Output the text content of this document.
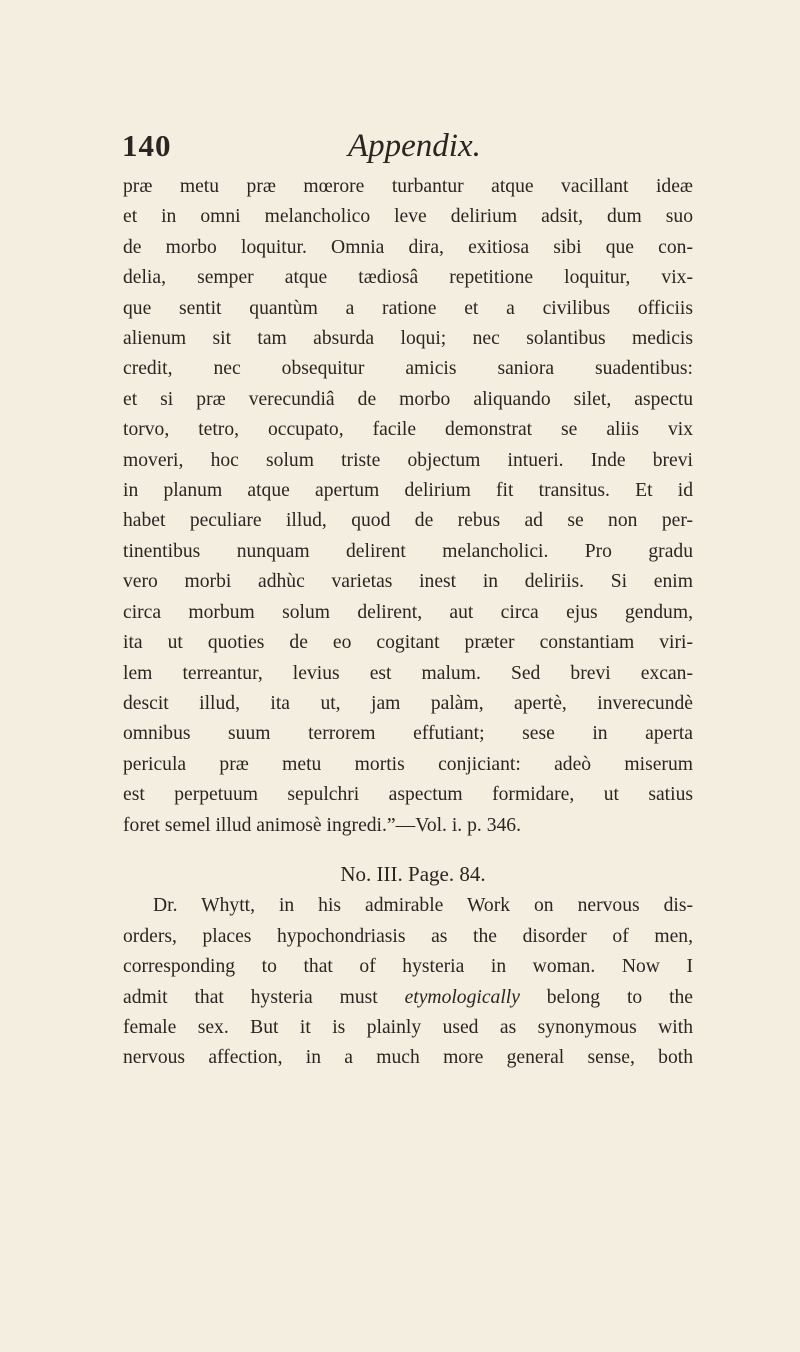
140	Appendix.
præ metu præ mœrore turbantur atque vacillant ideæ
et in omni melancholico leve delirium adsit, dum suo
de morbo loquitur. Omnia dira, exitiosa sibi que con-
delia, semper atque tædiosâ repetitione loquitur, vix-
que sentit quantùm a ratione et a civilibus officiis
alienum sit tam absurda loqui; nec solantibus medicis
credit, nec obsequitur amicis saniora suadentibus:
et si præ verecundiâ de morbo aliquando silet, aspectu
torvo, tetro, occupato, facile demonstrat se aliis vix
moveri, hoc solum triste objectum intueri. Inde brevi
in planum atque apertum delirium fit transitus. Et id
habet peculiare illud, quod de rebus ad se non per-
tinentibus nunquam delirent melancholici. Pro gradu
vero morbi adhùc varietas inest in deliriis. Si enim
circa morbum solum delirent, aut circa ejus gendum,
ita ut quoties de eo cogitant præter constantiam viri-
lem terreantur, levius est malum. Sed brevi excan-
descit illud, ita ut, jam palàm, apertè, inverecundè
omnibus suum terrorem effutiant; sese in aperta
pericula præ metu mortis conjiciant: adeò miserum
est perpetuum sepulchri aspectum formidare, ut satius
foret semel illud animosè ingredi.”—Vol. i. p. 346.
No. III. Page. 84.
Dr. Whytt, in his admirable Work on nervous dis-
orders, places hypochondriasis as the disorder of men,
corresponding to that of hysteria in woman. Now I
admit that hysteria must etymologically belong to the
female sex. But it is plainly used as synonymous with
nervous affection, in a much more general sense, both
